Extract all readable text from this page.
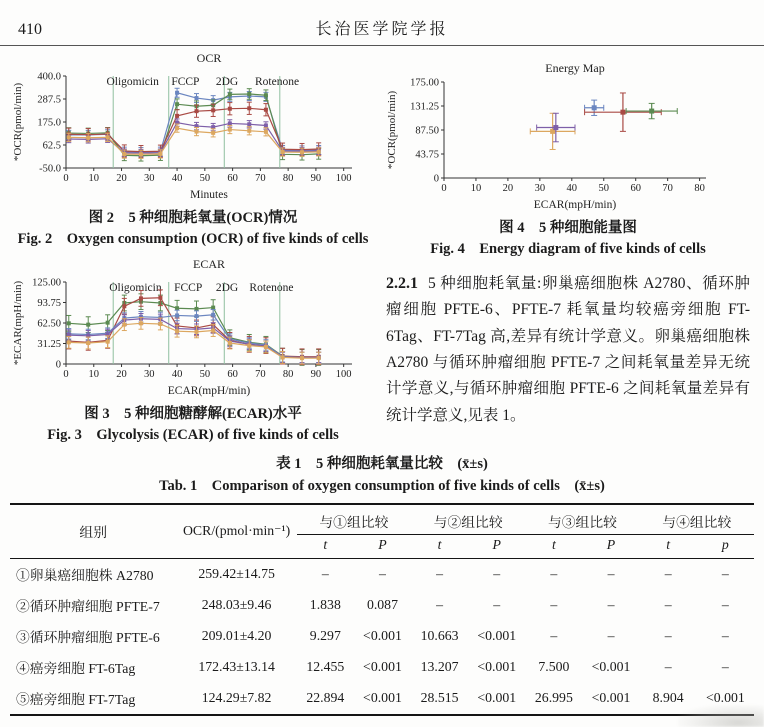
410	长治医学院学报
400.0
287.5
175.0
62.5
-50.0
0 10 20 30 40 50 60 70 80 90 100
Minutes
*OCR(pmol/min)
OCR
Oligomicin FCCP 2DG Rotenone
图 2　5 种细胞耗氧量(OCR)情况
Fig. 2　Oxygen consumption (OCR) of five kinds of cells
125.00
93.75
62.50
31.25
0
0 10 20 30 40 50 60 70 80 90 100
ECAR(mpH/min)
*ECAR(mpH/min)
ECAR
Oligomicin FCCP 2DG Rotenone
图 3　5 种细胞糖酵解(ECAR)水平
Fig. 3　Glycolysis (ECAR) of five kinds of cells
175.00
131.25
87.50
43.75
0
0 10 20 30 40 50 60 70 80
ECAR(mpH/min)
*OCR(pmol/min)
Energy Map
图 4　5 种细胞能量图
Fig. 4　Energy diagram of five kinds of cells

2.2.1 5 种细胞耗氧量:卵巢癌细胞株 A2780、循环肿瘤细胞 PFTE-6、PFTE-7 耗氧量均较癌旁细胞 FT-6Tag、FT-7Tag 高,差异有统计学意义。卵巢癌细胞株 A2780 与循环肿瘤细胞 PFTE-7 之间耗氧量差异无统计学意义,与循环肿瘤细胞 PFTE-6 之间耗氧量差异有统计学意义,见表 1。

表 1　5 种细胞耗氧量比较　(x̄±s)
Tab. 1　Comparison of oxygen consumption of five kinds of cells　(x̄±s)
组别	OCR/(pmol·min⁻¹)	与①组比较		与②组比较		与③组比较		与④组比较	
		t	P	t	P	t	P	t	p
①卵巢癌细胞株 A2780	259.42±14.75	–	–	–	–	–	–	–	–
②循环肿瘤细胞 PFTE-7	248.03±9.46	1.838	0.087	–	–	–	–	–	–
③循环肿瘤细胞 PFTE-6	209.01±4.20	9.297	<0.001	10.663	<0.001	–	–	–	–
④癌旁细胞 FT-6Tag	172.43±13.14	12.455	<0.001	13.207	<0.001	7.500	<0.001	–	–
⑤癌旁细胞 FT-7Tag	124.29±7.82	22.894	<0.001	28.515	<0.001	26.995	<0.001	8.904	<0.001
